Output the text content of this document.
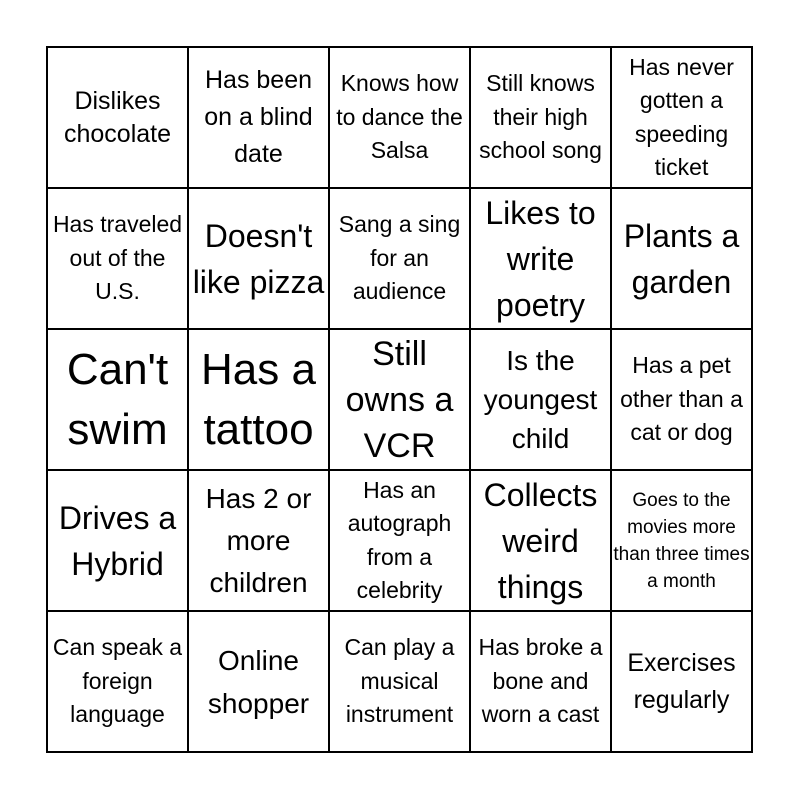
Dislikes chocolate
Has been on a blind date
Knows how to dance the Salsa
Still knows their high school song
Has never gotten a speeding ticket
Has traveled out of the U.S.
Doesn't like pizza
Sang a sing for an audience
Likes to write poetry
Plants a garden
Can't swim
Has a tattoo
Still owns a VCR
Is the youngest child
Has a pet other than a cat or dog
Drives a Hybrid
Has 2 or more children
Has an autograph from a celebrity
Collects weird things
Goes to the movies more than three times a month
Can speak a foreign language
Online shopper
Can play a musical instrument
Has broke a bone and worn a cast
Exercises regularly
